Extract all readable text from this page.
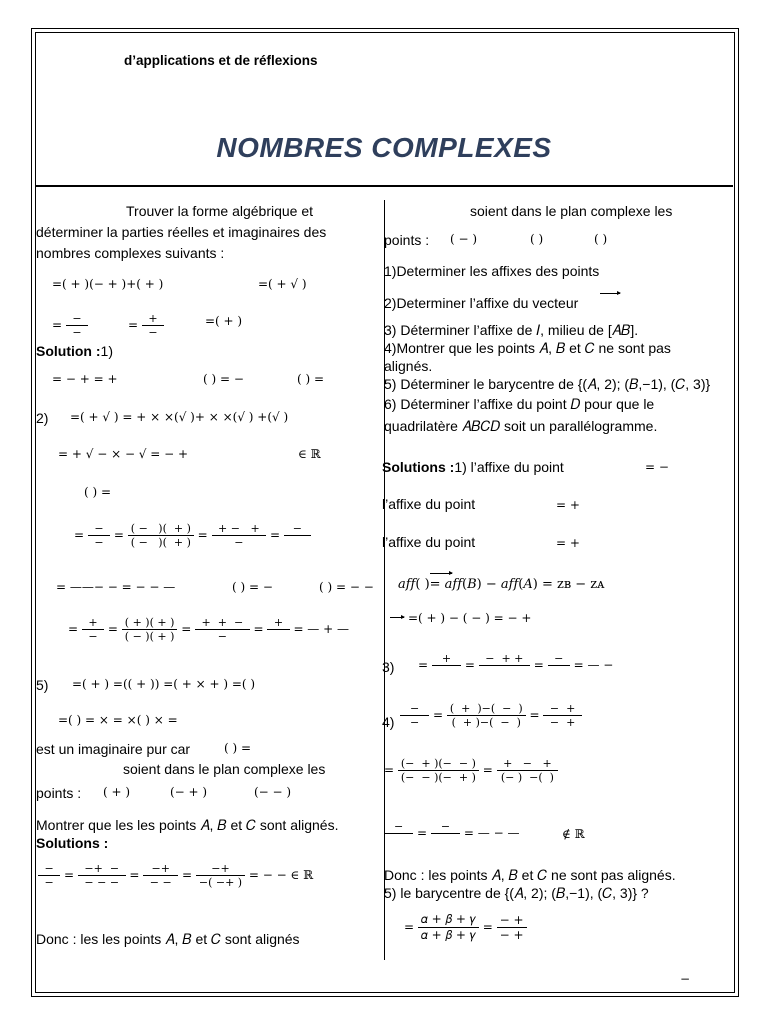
d’applications et de réflexions
NOMBRES COMPLEXES
Trouver la forme algébrique et
déterminer la parties réelles et imaginaires des
nombres complexes suivants :
=( + )(− + )+( + )	=( + √ )
= $\frac{-}{-}$	= $\frac{+}{-}$	=( + )
Solution :1)
= − + = +	( ) = −	( ) =
2) =( + √ ) = + × ×(√ )+ × ×(√ ) +(√ )
= + √ − × − √ = − +	∈ ℝ
( ) =
= $\frac{-}{-} = \frac{( - )( + )}{( - )( + )} = \frac{+ - +}{-}$ = −

= ——− − = − − —	( ) = −	( ) = − −
= $\frac{+}{-} = \frac{( + )( + )}{( - )( + )} = \frac{+ + -}{-}$ = +
= — + —
5) =( + ) =(( + )) =( + × + ) =( )
=( ) = × = ×( ) × =
est un imaginaire pur car	( ) =
soient dans le plan complexe les
points : ( + )	(− + )	(− − )
Montrer que les les points 𝐴, 𝐵 et 𝐶 sont alignés.
Solutions :
$\frac{-}{-} = \frac{-+ -}{- - -} = \frac{-+}{- -} = \frac{-+}{-( -+ )}$ = − − ∈ ℝ
Donc : les les points 𝐴, 𝐵 et 𝐶 sont alignés
soient dans le plan complexe les
points : ( − )	( )	( )
1)Determiner les affixes des points
2)Determiner l’affixe du vecteur
3) Déterminer l’affixe de 𝐼, milieu de [𝐴𝐵].
4)Montrer que les points 𝐴, 𝐵 et 𝐶 ne sont pas
alignés.
5) Déterminer le barycentre de {(𝐴, 2); (𝐵,−1), (𝐶, 3)}
6) Déterminer l’affixe du point 𝐷 pour que le
quadrilatère 𝐴𝐵𝐶𝐷 soit un parallélogramme.
Solutions :1) l’affixe du point	= −
l’affixe du point	= +
l’affixe du point	= +
𝑎𝑓𝑓( )= 𝑎𝑓𝑓(𝐵) − 𝑎𝑓𝑓(𝐴) = zʙ − zᴀ
=( + ) − ( − ) = − +
3) = +
= −  + +
= −
= — −
$4) \frac{-}{-} = \frac{( + )-( - )}{( + )-( - )} = \frac{- +}{- +}$
= $\frac{(- + )(- - )}{(- - )(- + )} = \frac{+ - +}{(- ) -( )}$
−
= −
= — − —	∉ ℝ
Donc : les points 𝐴, 𝐵 et 𝐶 ne sont pas alignés.
5) le barycentre de {(𝐴, 2); (𝐵,−1), (𝐶, 3)} ?
= $\frac{\text{𝛼 + 𝛽 + 𝛾}}{\text{𝛼 + 𝛽 + 𝛾}} = \frac{- +}{- +}$
−
